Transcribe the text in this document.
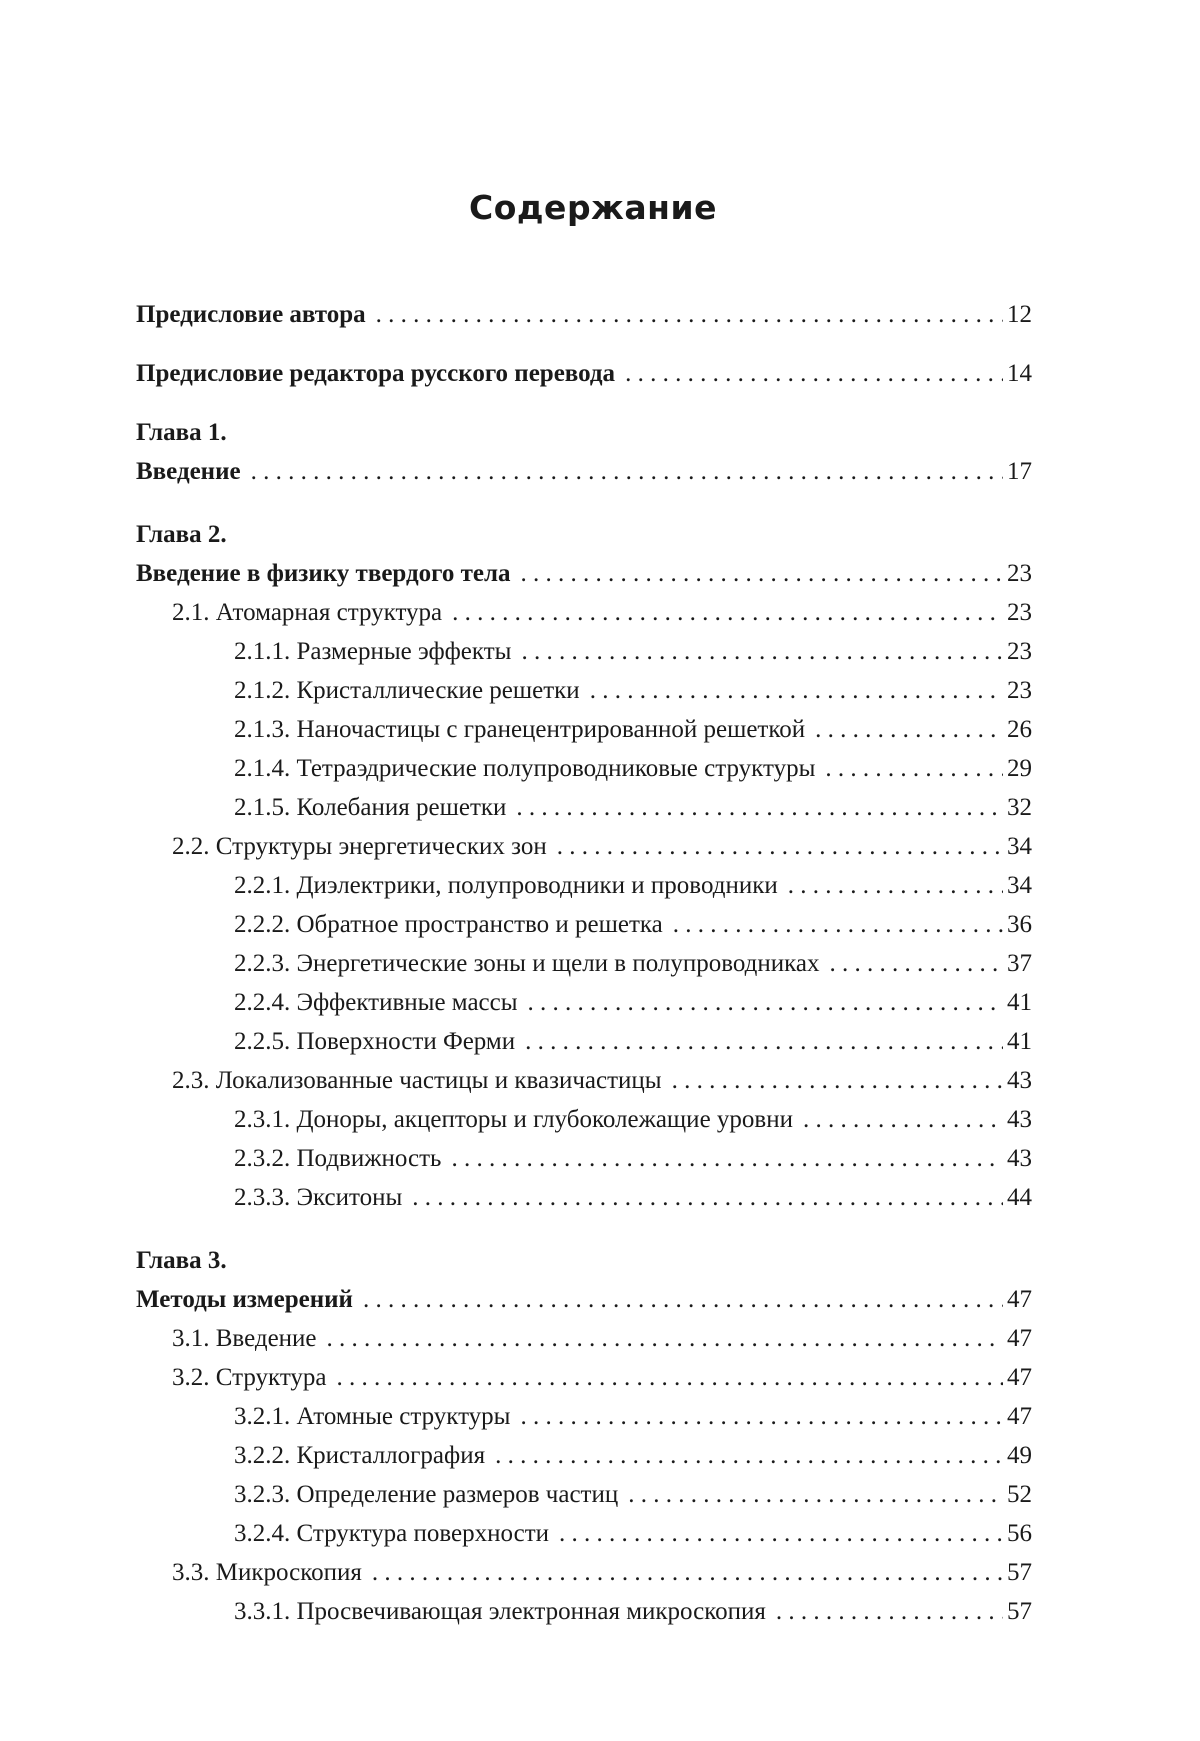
Содержание
Предисловие автора . . .	12
Предисловие редактора русского перевода . . .	14
Глава 1.
Введение . . .	17
Глава 2.
Введение в физику твердого тела . . .	23
2.1. Атомарная структура . . .	23
2.1.1. Размерные эффекты . . .	23
2.1.2. Кристаллические решетки . . .	23
2.1.3. Наночастицы с гранецентрированной решеткой . . .	26
2.1.4. Тетраэдрические полупроводниковые структуры . . .	29
2.1.5. Колебания решетки . . .	32
2.2. Структуры энергетических зон . . .	34
2.2.1. Диэлектрики, полупроводники и проводники . . .	34
2.2.2. Обратное пространство и решетка . . .	36
2.2.3. Энергетические зоны и щели в полупроводниках . . .	37
2.2.4. Эффективные массы . . .	41
2.2.5. Поверхности Ферми . . .	41
2.3. Локализованные частицы и квазичастицы . . .	43
2.3.1. Доноры, акцепторы и глубоколежащие уровни . . .	43
2.3.2. Подвижность . . .	43
2.3.3. Экситоны . . .	44
Глава 3.
Методы измерений . . .	47
3.1. Введение . . .	47
3.2. Структура . . .	47
3.2.1. Атомные структуры . . .	47
3.2.2. Кристаллография . . .	49
3.2.3. Определение размеров частиц . . .	52
3.2.4. Структура поверхности . . .	56
3.3. Микроскопия . . .	57
3.3.1. Просвечивающая электронная микроскопия . . .	57
